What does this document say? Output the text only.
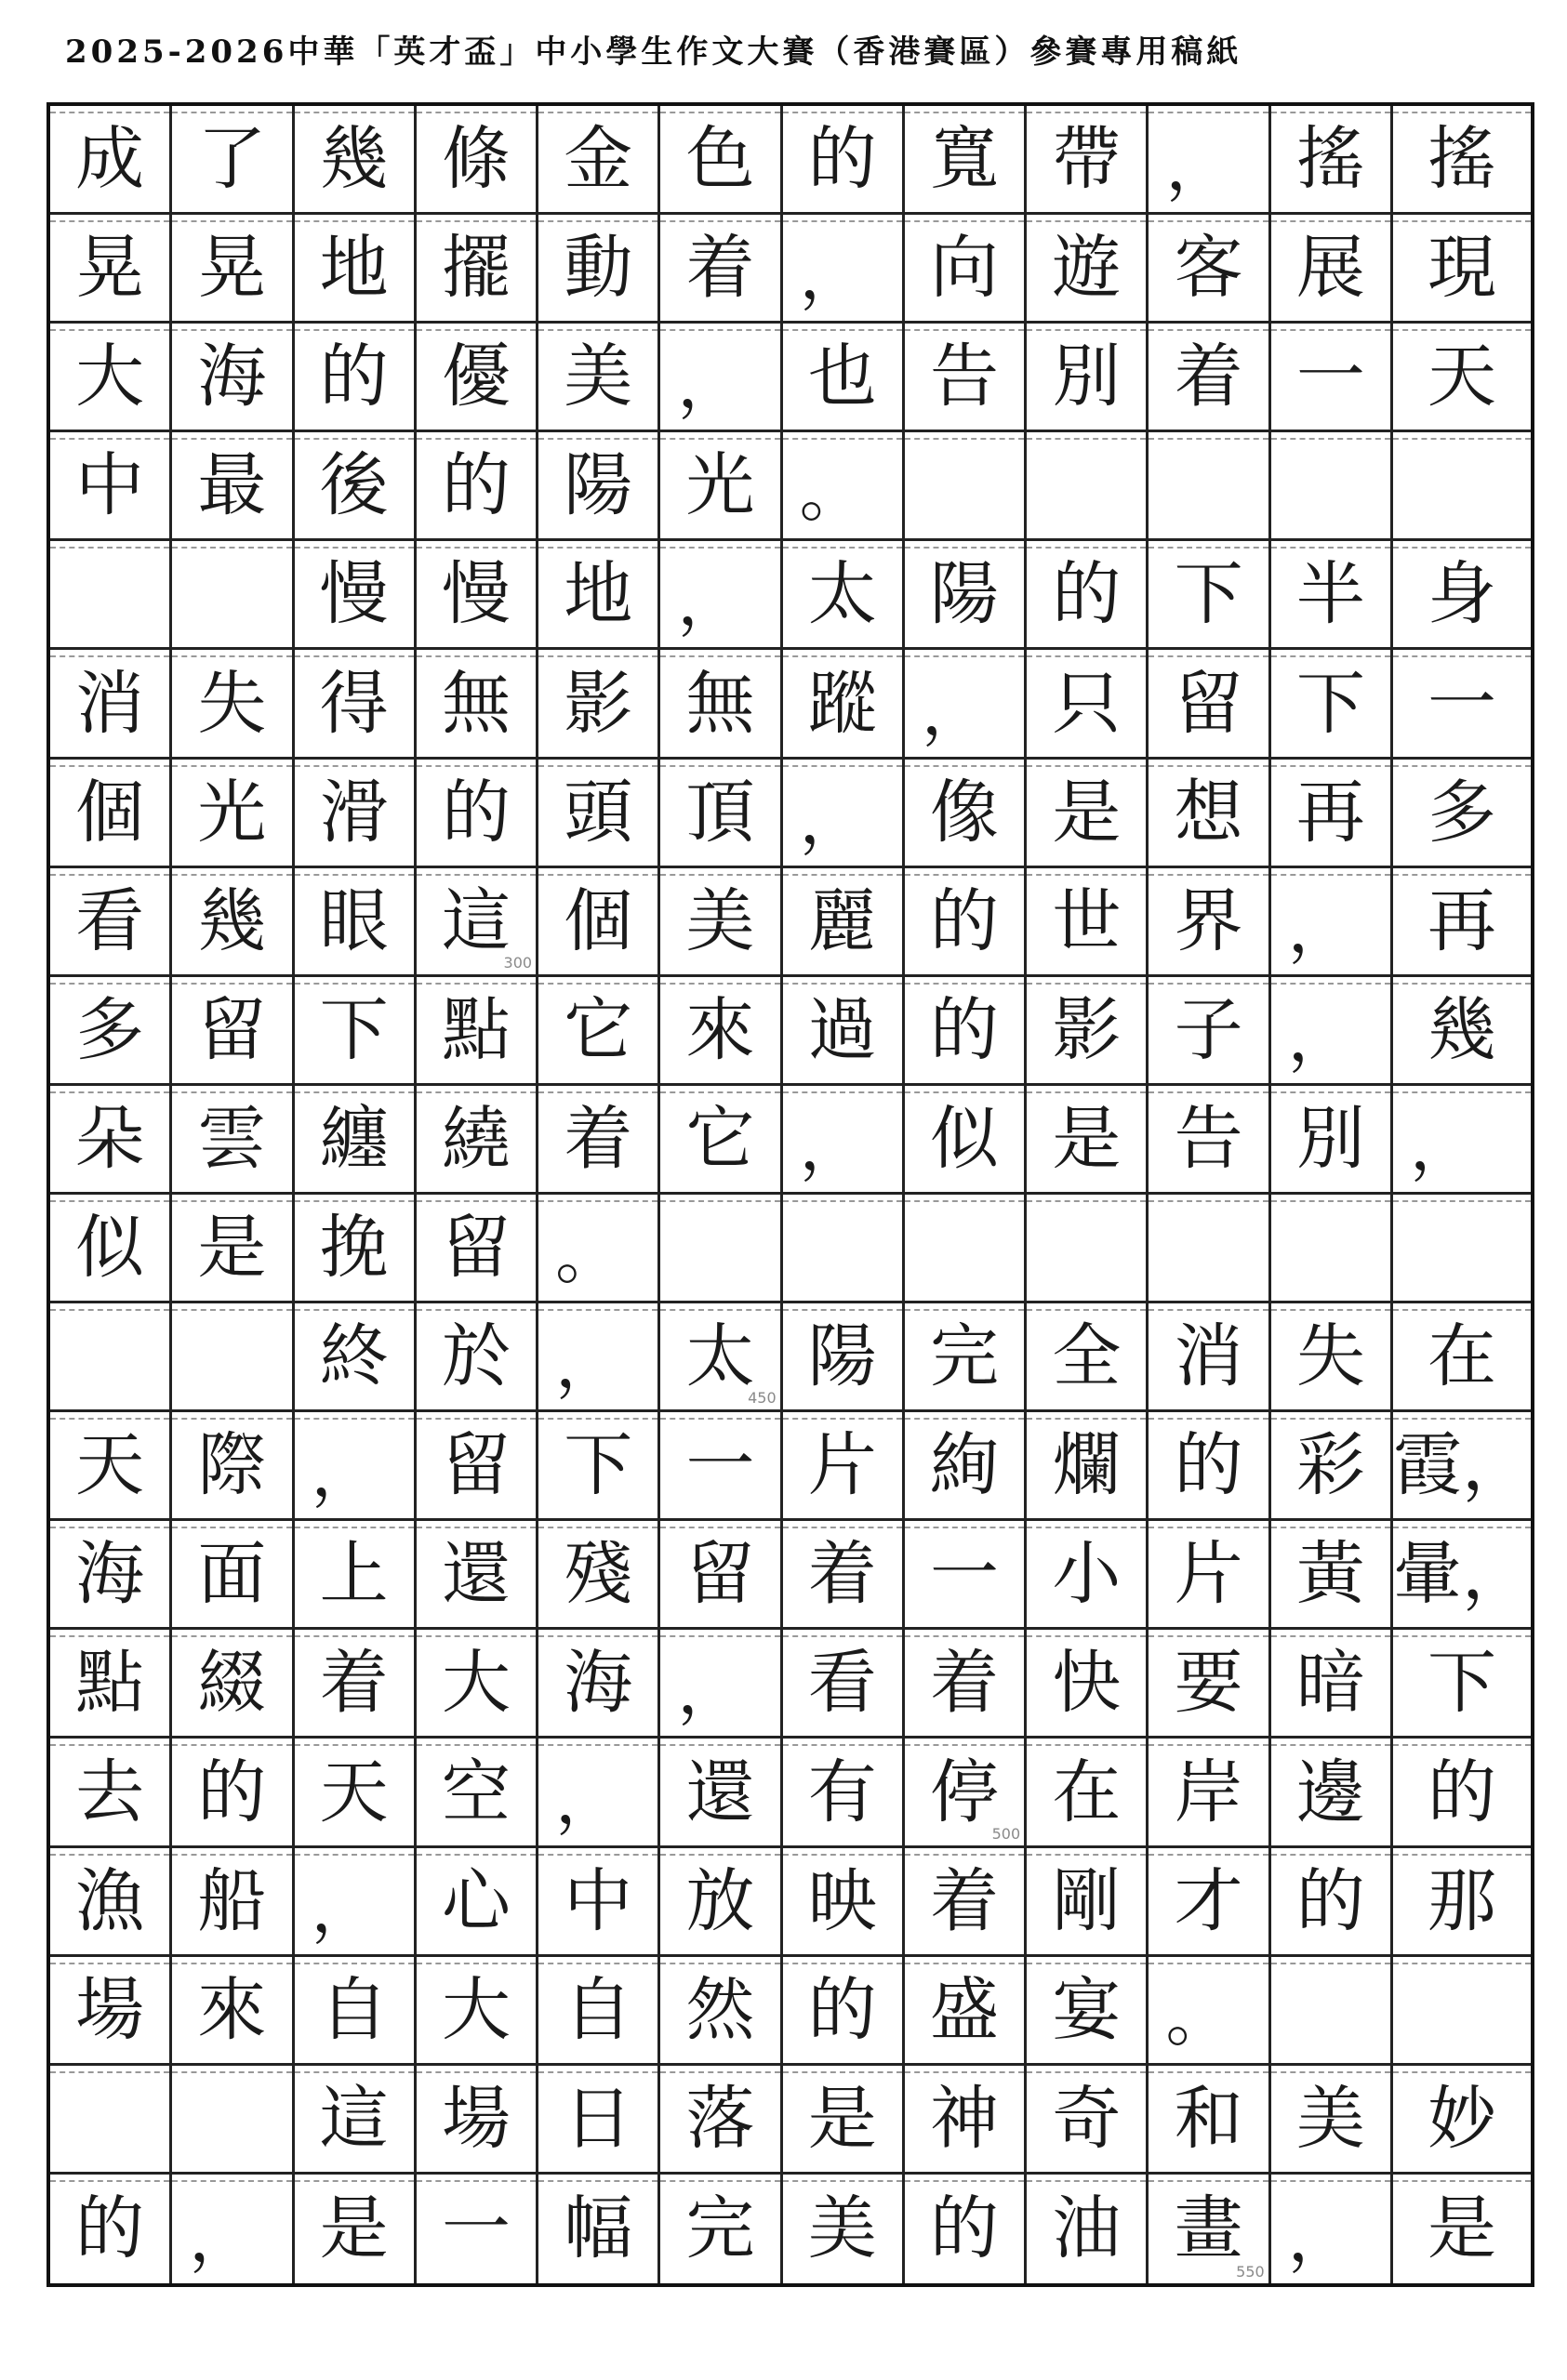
2025-2026中華「英才盃」中小學生作文大賽（香港賽區）參賽專用稿紙
成 了 幾 條 金 色 的 寬 帶 ， 搖 搖
晃 晃 地 擺 動 着 ， 向 遊 客 展 現
大 海 的 優 美 ， 也 告 別 着 一 天
中 最 後 的 陽 光 。
慢 慢 地 ， 太 陽 的 下 半 身
消 失 得 無 影 無 蹤 ， 只 留 下 一
個 光 滑 的 頭 頂 ， 像 是 想 再 多
看 幾 眼 這
300
個 美 麗 的 世 界 ， 再
多 留 下 點 它 來 過 的 影 子 ， 幾
朵 雲 纏 繞 着 它 ， 似 是 告 別 ，
似 是 挽 留 。
終 於 ， 太
450
陽 完 全 消 失 在
天 際 ， 留 下 一 片 絢 爛 的 彩 霞，
海 面 上 還 殘 留 着 一 小 片 黃 暈，
點 綴 着 大 海 ， 看 着 快 要 暗 下
去 的 天 空 ， 還 有 停
500
在 岸 邊 的
漁 船 ， 心 中 放 映 着 剛 才 的 那
場 來 自 大 自 然 的 盛 宴 。
這 場 日 落 是 神 奇 和 美 妙
的 ， 是 一 幅 完 美 的 油 畫
550 ， 是
